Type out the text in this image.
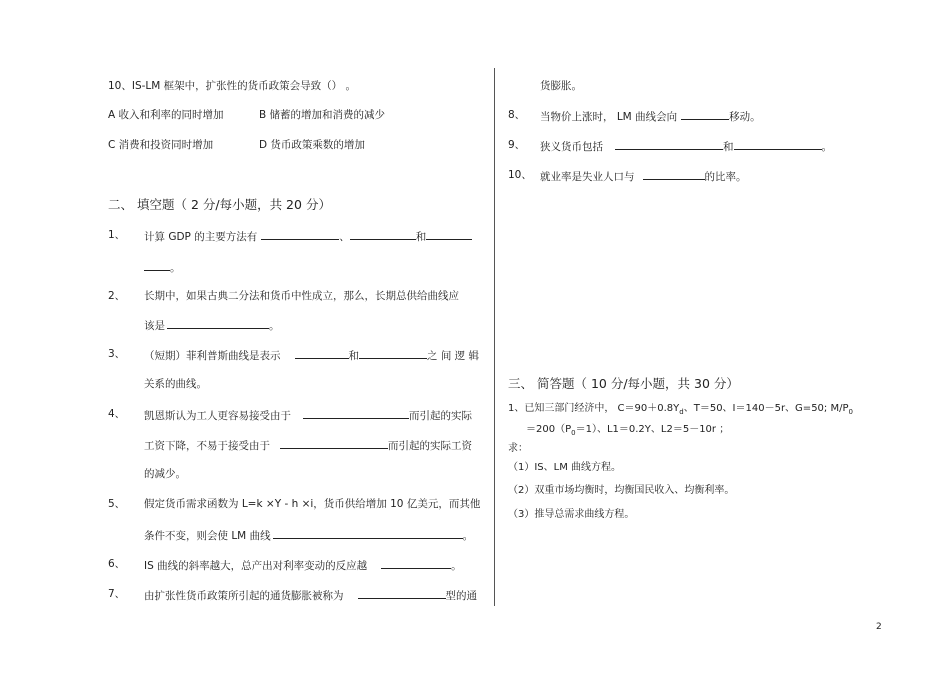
10、IS-LM 框架中，扩张性的货币政策会导致（） 。
A 收入和利率的同时增加	B 储蓄的增加和消费的减少
C 消费和投资同时增加	D 货币政策乘数的增加
二、 填空题（ 2 分/每小题，共 20 分）
1、 计算 GDP 的主要方法有	、	和
。
2、 长期中，如果古典二分法和货币中性成立，那么，长期总供给曲线应
该是	。
3、 （短期）菲利普斯曲线是表示	和	之 间 逻 辑
关系的曲线。
4、 凯恩斯认为工人更容易接受由于	而引起的实际
工资下降，不易于接受由于	而引起的实际工资
的减少。
5、 假定货币需求函数为 L=k ×Y - h ×i，货币供给增加 10 亿美元，而其他
条件不变，则会使 LM 曲线	。
6、 IS 曲线的斜率越大，总产出对利率变动的反应越	。
7、 由扩张性货币政策所引起的通货膨胀被称为	型的通
货膨胀。
8、 当物价上涨时， LM 曲线会向	移动。
9、 狭义货币包括	和	。
10、 就业率是失业人口与	的比率。
三、 简答题（ 10 分/每小题，共 30 分）
1、已知三部门经济中， $C=90+0.8Y_d$、T＝50、I＝140－5r、G=50; $M/P_0$
$=200(P_0=1)$、L1＝0.2Y、L2＝5－10r ；
求：
（1）IS、LM 曲线方程。
（2）双重市场均衡时，均衡国民收入、均衡利率。
（3）推导总需求曲线方程。
2
